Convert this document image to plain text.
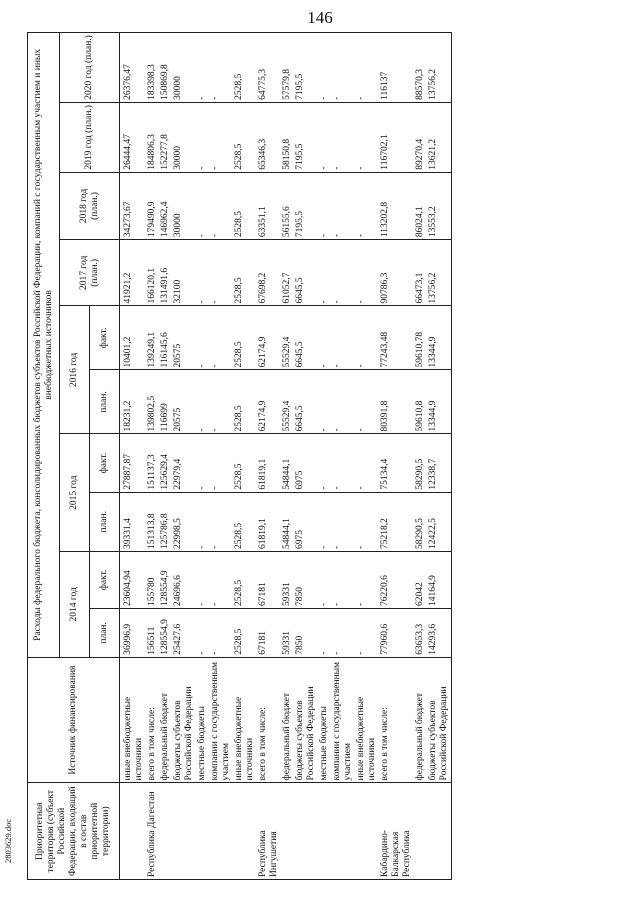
146
2803629.doc	Приоритетная территория (субъект Российской Федерации, входящий в состав приоритетной территории)	Источник финансирования	Расходы федерального бюджета, консолидированных бюджетов субъектов Российской Федерации, компаний с государственным участием и иных внебюджетных источников									
		2014 год		2015 год		2016 год		2017 год (план.)	2018 год (план.)	2019 год (план.)	2020 год (план.)
		план.	факт.	план.	факт.	план.	факт.				
	иные внебюджетные источники	36996,9	23604,94	39331,4	27887,87	18231,2	10401,2	41921,2	34273,67	26444,47	26376,47
Республика Дагестан	всего в том числе:	156511	155780	151313,8	151137,3	139802,5	139249,1	166120,1	179490,9	184806,3	183398,3
	федеральный бюджет	128554,9	128554,9	125786,8	125629,4	116699	116145,6	131491,6	146962,4	152277,8	150869,8
	бюджеты субъектов Российской Федерации	25427,6	24696,6	22998,5	22979,4	20575	20575	32100	30000	30000	30000
	местные бюджеты	-	-	-	-	-	-	-	-	-	-
	компании с государственным участием	-	-	-	-	-	-	-	-	-	-
	иные внебюджетные источники	2528,5	2528,5	2528,5	2528,5	2528,5	2528,5	2528,5	2528,5	2528,5	2528,5
Республика Ингушетия	всего в том числе:	67181	67181	61819,1	61819,1	62174,9	62174,9	67698,2	63351,1	65346,3	64775,3
	федеральный бюджет	59331	59331	54844,1	54844,1	55529,4	55529,4	61052,7	56155,6	58150,8	57579,8
	бюджеты субъектов Российской Федерации	7850	7850	6975	6975	6645,5	6645,5	6645,5	7195,5	7195,5	7195,5
	местные бюджеты	-	-	-	-	-	-	-	-	-	-
	компании с государственным участием	-	-	-	-	-	-	-	-	-	-
	иные внебюджетные источники	-	-	-	-	-	-	-	-	-	-
Кабардино-Балкарская Республика	всего в том числе:	77960,6	76220,6	75218,2	75134,4	80391,8	77243,48	90786,3	113202,8	116702,1	116137
	федеральный бюджет	63653,3	62042	58290,5	58290,5	59610,8	59610,78	66473,1	86024,1	89270,4	88570,3
	бюджеты субъектов Российской Федерации	14293,6	14164,9	12422,5	12338,7	13344,9	13344,9	13756,2	13553,2	13621,2	13756,2
